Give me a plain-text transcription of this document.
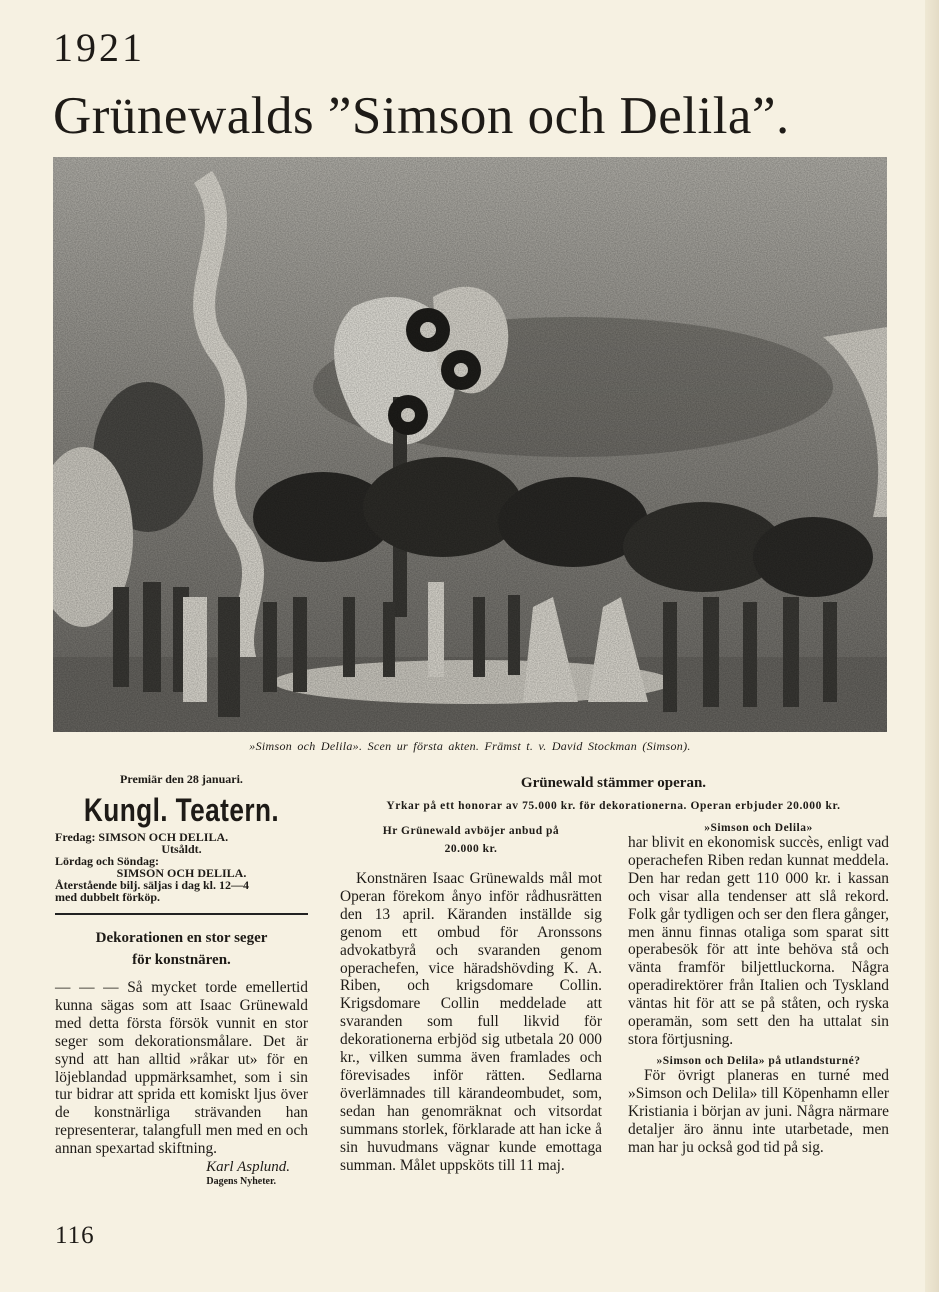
1921
Grünewalds ”Simson och Delila”.
»Simson och Delila». Scen ur första akten. Främst t. v. David Stockman (Simson).
Premiär den 28 januari.
Kungl. Teatern.
Fredag: SIMSON OCH DELILA.
Utsåldt.
Lördag och Söndag:
SIMSON OCH DELILA.
Återstående bilj. säljas i dag kl. 12—4
med dubbelt förköp.
Dekorationen en stor seger
för konstnären.
— — — Så mycket torde emellertid kunna sägas som att Isaac Grünewald med detta första försök vunnit en stor seger som dekorationsmålare. Det är synd att han alltid »råkar ut» för en löjeblandad uppmärksamhet, som i sin tur bidrar att sprida ett komiskt ljus över de konstnärliga strävanden han representerar, talangfull men med en och annan spexartad skiftning.
Karl Asplund.
Dagens Nyheter.
Grünewald stämmer operan.
Yrkar på ett honorar av 75.000 kr. för dekorationerna. Operan erbjuder 20.000 kr.
Hr Grünewald avböjer anbud på
20.000 kr.
Konstnären Isaac Grünewalds mål mot Operan förekom ånyo inför rådhusrätten den 13 april. Käranden inställde sig genom ett ombud för Aronssons advokatbyrå och svaranden genom operachefen, vice häradshövding K. A. Riben, och krigsdomare Collin. Krigsdomare Collin meddelade att svaranden som full likvid för dekorationerna erbjöd sig utbetala 20 000 kr., vilken summa även framlades och förevisades inför rätten. Sedlarna överlämnades till kärandeombudet, som, sedan han genomräknat och vitsordat summans storlek, förklarade att han icke å sin huvudmans vägnar kunde emottaga summan. Målet uppsköts till 11 maj.
»Simson och Delila»
har blivit en ekonomisk succès, enligt vad operachefen Riben redan kunnat meddela. Den har redan gett 110 000 kr. i kassan och visar alla tendenser att slå rekord. Folk går tydligen och ser den flera gånger, men ännu finnas otaliga som sparat sitt operabesök för att inte behöva stå och vänta framför biljettluckorna. Några operadirektörer från Italien och Tyskland väntas hit för att se på ståten, och ryska operamän, som sett den ha uttalat sin stora förtjusning.
»Simson och Delila» på utlandsturné?
För övrigt planeras en turné med »Simson och Delila» till Köpenhamn eller Kristiania i början av juni. Några närmare detaljer äro ännu inte utarbetade, men man har ju också god tid på sig.
116
